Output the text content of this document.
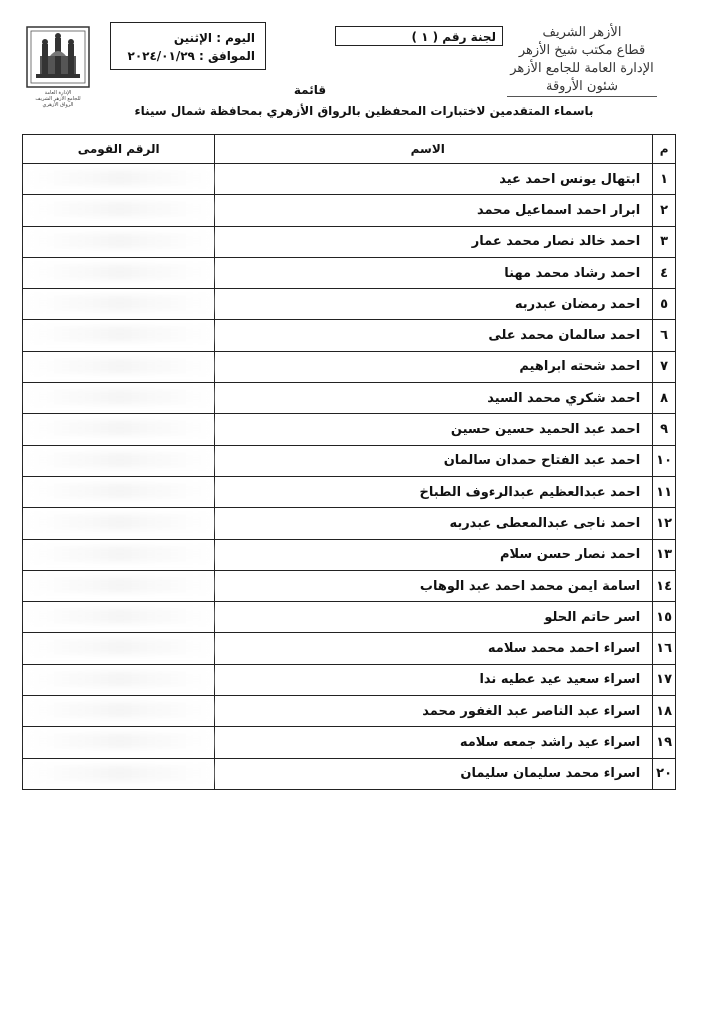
الأزهر الشريف
قطاع مكتب شيخ الأزهر
الإدارة العامة للجامع الأزهر
شئون الأروقة
لجنة رقم ( ١ )
اليوم : الإثنين
الموافق : ٢٠٢٤/٠١/٢٩
الإدارة العامة
للجامع الأزهر الشريف
الرواق الأزهري
قائمة
باسماء المتقدمين لاختبارات المحفظين بالرواق الأزهري بمحافظة شمال سيناء
م	الاسم	الرقم القومى
١	ابتهال يونس احمد عيد	

٢	ابرار احمد اسماعيل محمد	

٣	احمد خالد نصار محمد عمار	

٤	احمد رشاد محمد مهنا	

٥	احمد رمضان عبدربه	

٦	احمد سالمان محمد على	

٧	احمد شحته ابراهيم	

٨	احمد شكري محمد السيد	

٩	احمد عبد الحميد حسين حسين	

١٠	احمد عبد الفتاح حمدان سالمان	

١١	احمد عبدالعظيم عبدالرءوف الطباخ	

١٢	احمد ناجى عبدالمعطى عبدربه	

١٣	احمد نصار حسن سلام	

١٤	اسامة ايمن محمد احمد عبد الوهاب	

١٥	اسر حاتم الحلو	

١٦	اسراء احمد محمد سلامه	

١٧	اسراء سعيد عيد عطيه ندا	

١٨	اسراء عبد الناصر عبد الغفور محمد	

١٩	اسراء عيد راشد جمعه سلامه	

٢٠	اسراء محمد سليمان سليمان	
